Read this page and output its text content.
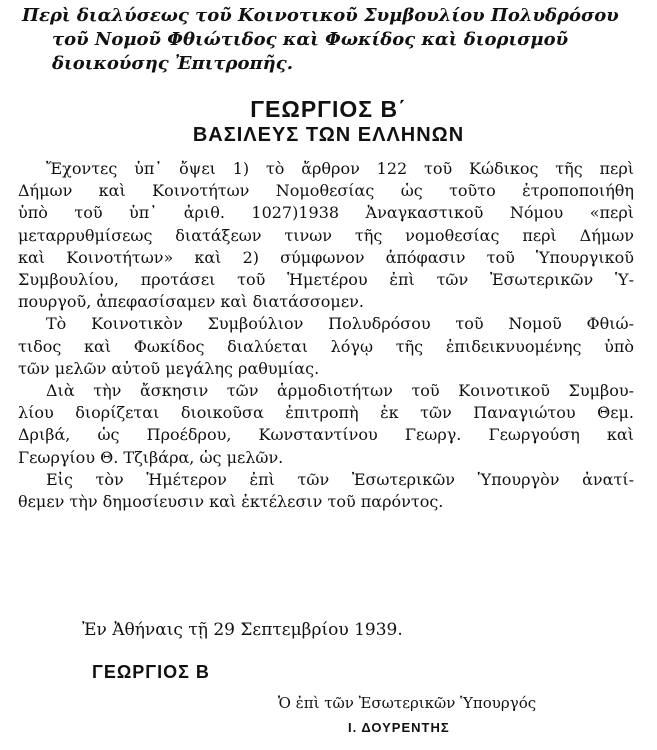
Περὶ διαλύσεως τοῦ Κοινοτικοῦ Συμβουλίου Πολυδρόσου
τοῦ Νομοῦ Φθιώτιδος καὶ Φωκίδος καὶ διορισμοῦ
διοικούσης Ἐπιτροπῆς.
ΓΕΩΡΓΙΟΣ Β΄
ΒΑΣΙΛΕΥΣ ΤΩΝ ΕΛΛΗΝΩΝ
Ἔχοντες ὑπ᾽ ὄψει 1) τὸ ἄρθρον 122 τοῦ Κώδικος τῆς περὶ
Δήμων καὶ Κοινοτήτων Νομοθεσίας ὡς τοῦτο ἐτροποποιήθη
ὑπὸ τοῦ ὑπ᾽ ἀριθ. 1027)1938 Ἀναγκαστικοῦ Νόμου «περὶ
μεταρρυθμίσεως διατάξεων τινων τῆς νομοθεσίας περὶ Δήμων
καὶ Κοινοτήτων» καὶ 2) σύμφωνον ἀπόφασιν τοῦ Ὑπουργικοῦ
Συμβουλίου, προτάσει τοῦ Ἡμετέρου ἐπὶ τῶν Ἐσωτερικῶν Ὑ-
πουργοῦ, ἀπεφασίσαμεν καὶ διατάσσομεν.
Τὸ Κοινοτικὸν Συμβούλιον Πολυδρόσου τοῦ Νομοῦ Φθιώ-
τιδος καὶ Φωκίδος διαλύεται λόγῳ τῆς ἐπιδεικνυομένης ὑπὸ
τῶν μελῶν αὐτοῦ μεγάλης ραθυμίας.
Διὰ τὴν ἄσκησιν τῶν ἁρμοδιοτήτων τοῦ Κοινοτικοῦ Συμβου-
λίου διορίζεται διοικοῦσα ἐπιτροπὴ ἐκ τῶν Παναγιώτου Θεμ.
Δριβά, ὡς Προέδρου, Κωνσταντίνου Γεωργ. Γεωργούση καὶ
Γεωργίου Θ. Τζιβάρα, ὡς μελῶν.
Εἰς τὸν Ἡμέτερον ἐπὶ τῶν Ἐσωτερικῶν Ὑπουργὸν ἀνατί-
θεμεν τὴν δημοσίευσιν καὶ ἐκτέλεσιν τοῦ παρόντος.
Ἐν Ἀθήναις τῇ 29 Σεπτεμβρίου 1939.
ΓΕΩΡΓΙΟΣ Β
Ὁ ἐπὶ τῶν Ἐσωτερικῶν Ὑπουργός
Ι. ΔΟΥΡΕΝΤΗΣ
